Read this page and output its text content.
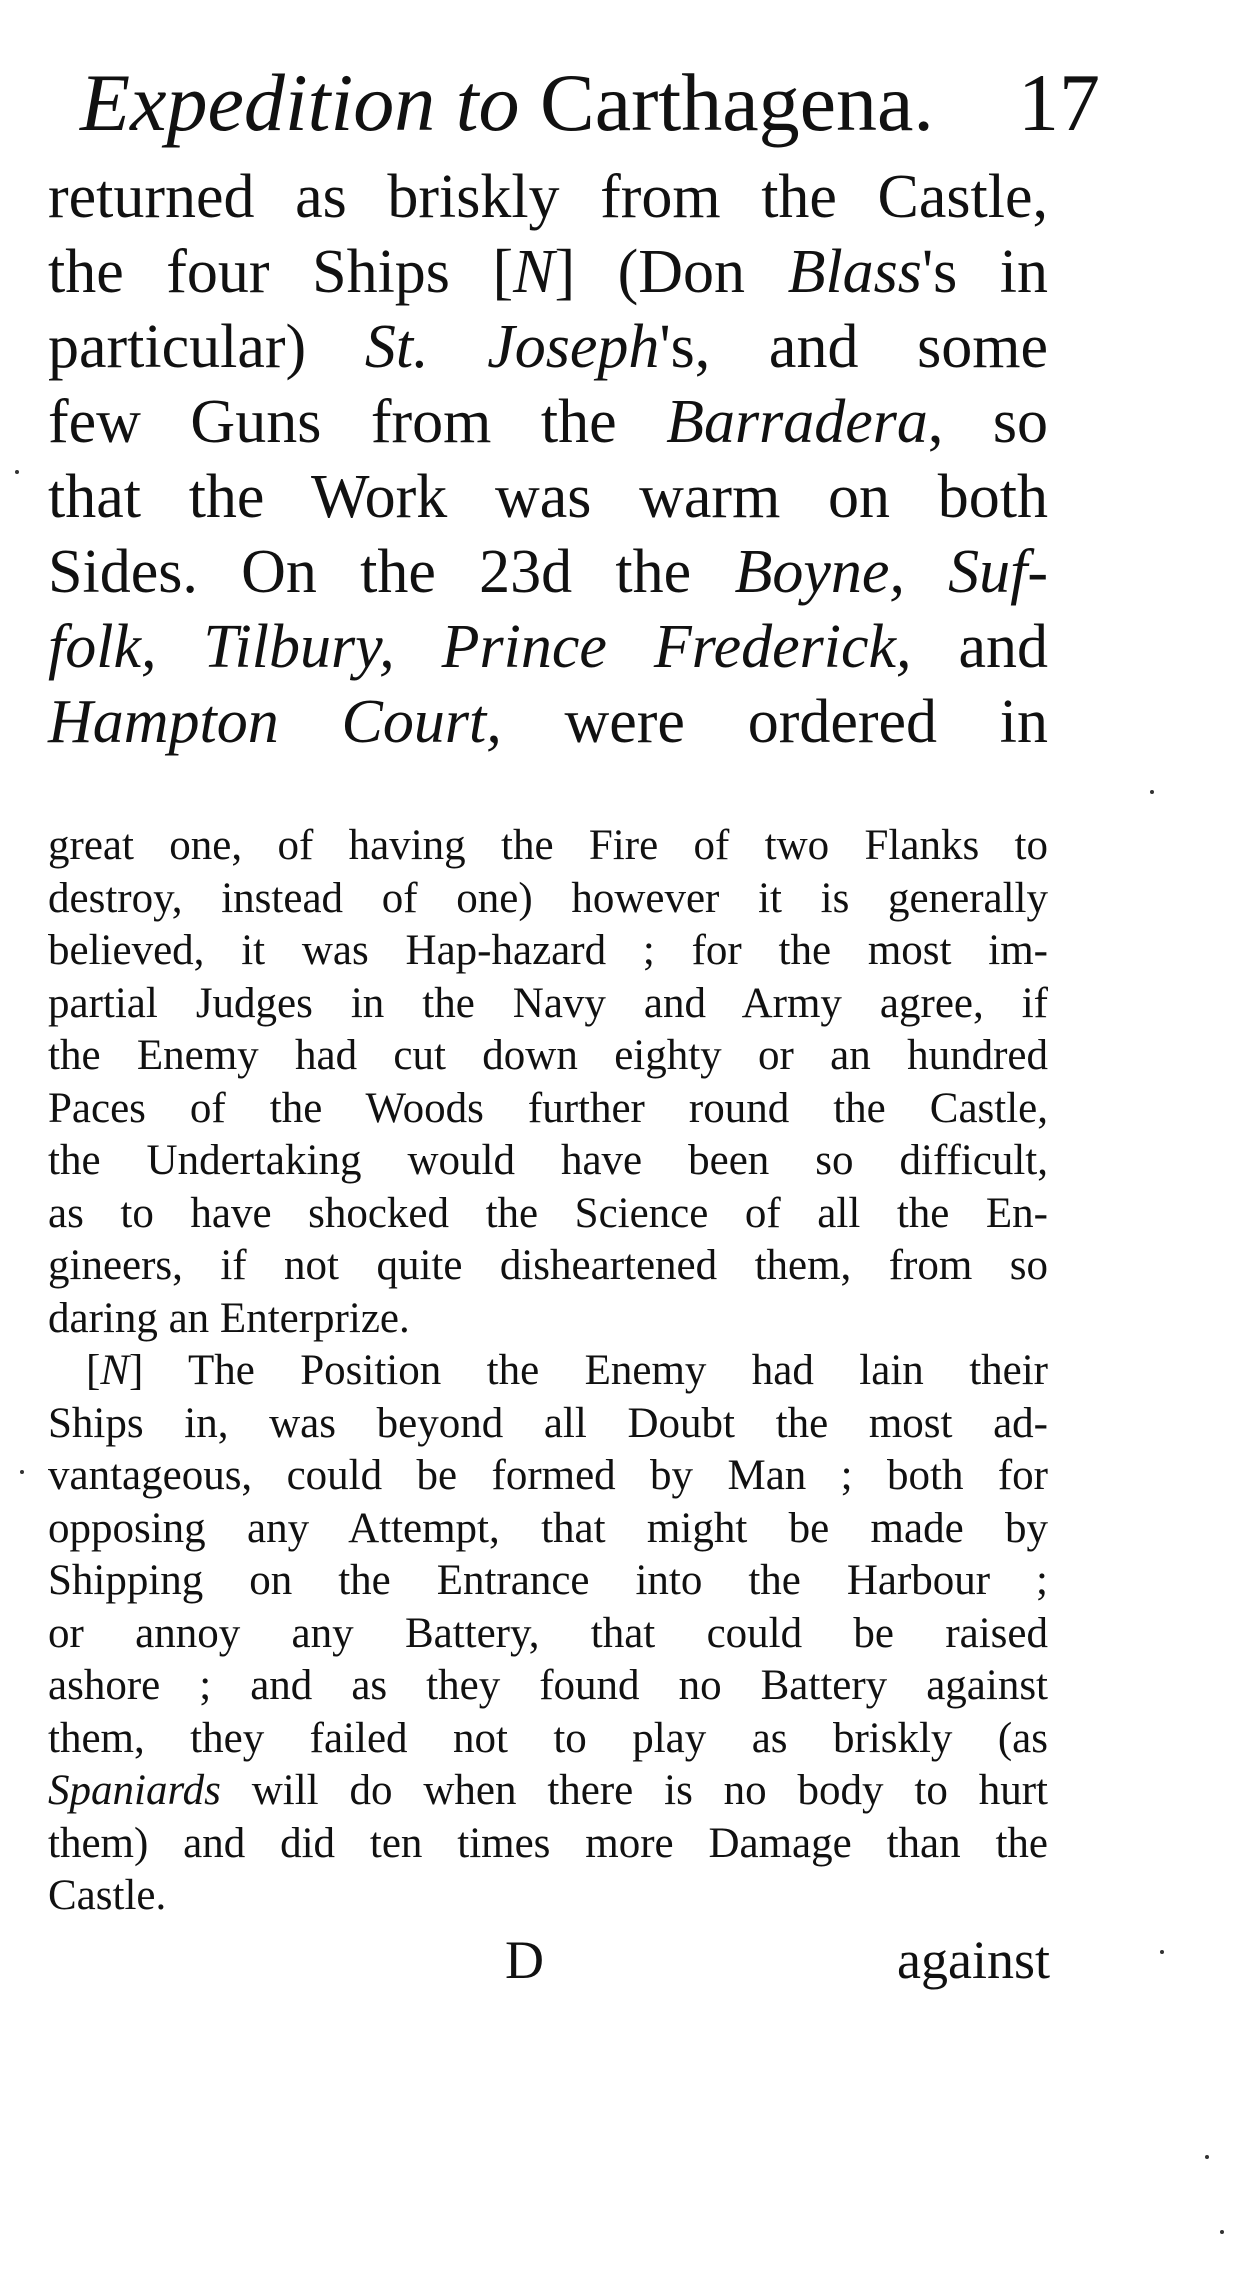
Expedition to Carthagena. 17
returned as briskly from the Castle,
the four Ships [N] (Don Blass's in
particular) St. Joseph's, and some
few Guns from the Barradera, so
that the Work was warm on both
Sides. On the 23d the Boyne, Suf-
folk, Tilbury, Prince Frederick, and
Hampton Court, were ordered in
great one, of having the Fire of two Flanks to
destroy, instead of one) however it is generally
believed, it was Hap-hazard ; for the most im-
partial Judges in the Navy and Army agree, if
the Enemy had cut down eighty or an hundred
Paces of the Woods further round the Castle,
the Undertaking would have been so difficult,
as to have shocked the Science of all the En-
gineers, if not quite disheartened them, from so
daring an Enterprize.
[N] The Position the Enemy had lain their
Ships in, was beyond all Doubt the most ad-
vantageous, could be formed by Man ; both for
opposing any Attempt, that might be made by
Shipping on the Entrance into the Harbour ;
or annoy any Battery, that could be raised
ashore ; and as they found no Battery against
them, they failed not to play as briskly (as
Spaniards will do when there is no body to hurt
them) and did ten times more Damage than the
Castle.
D	against
